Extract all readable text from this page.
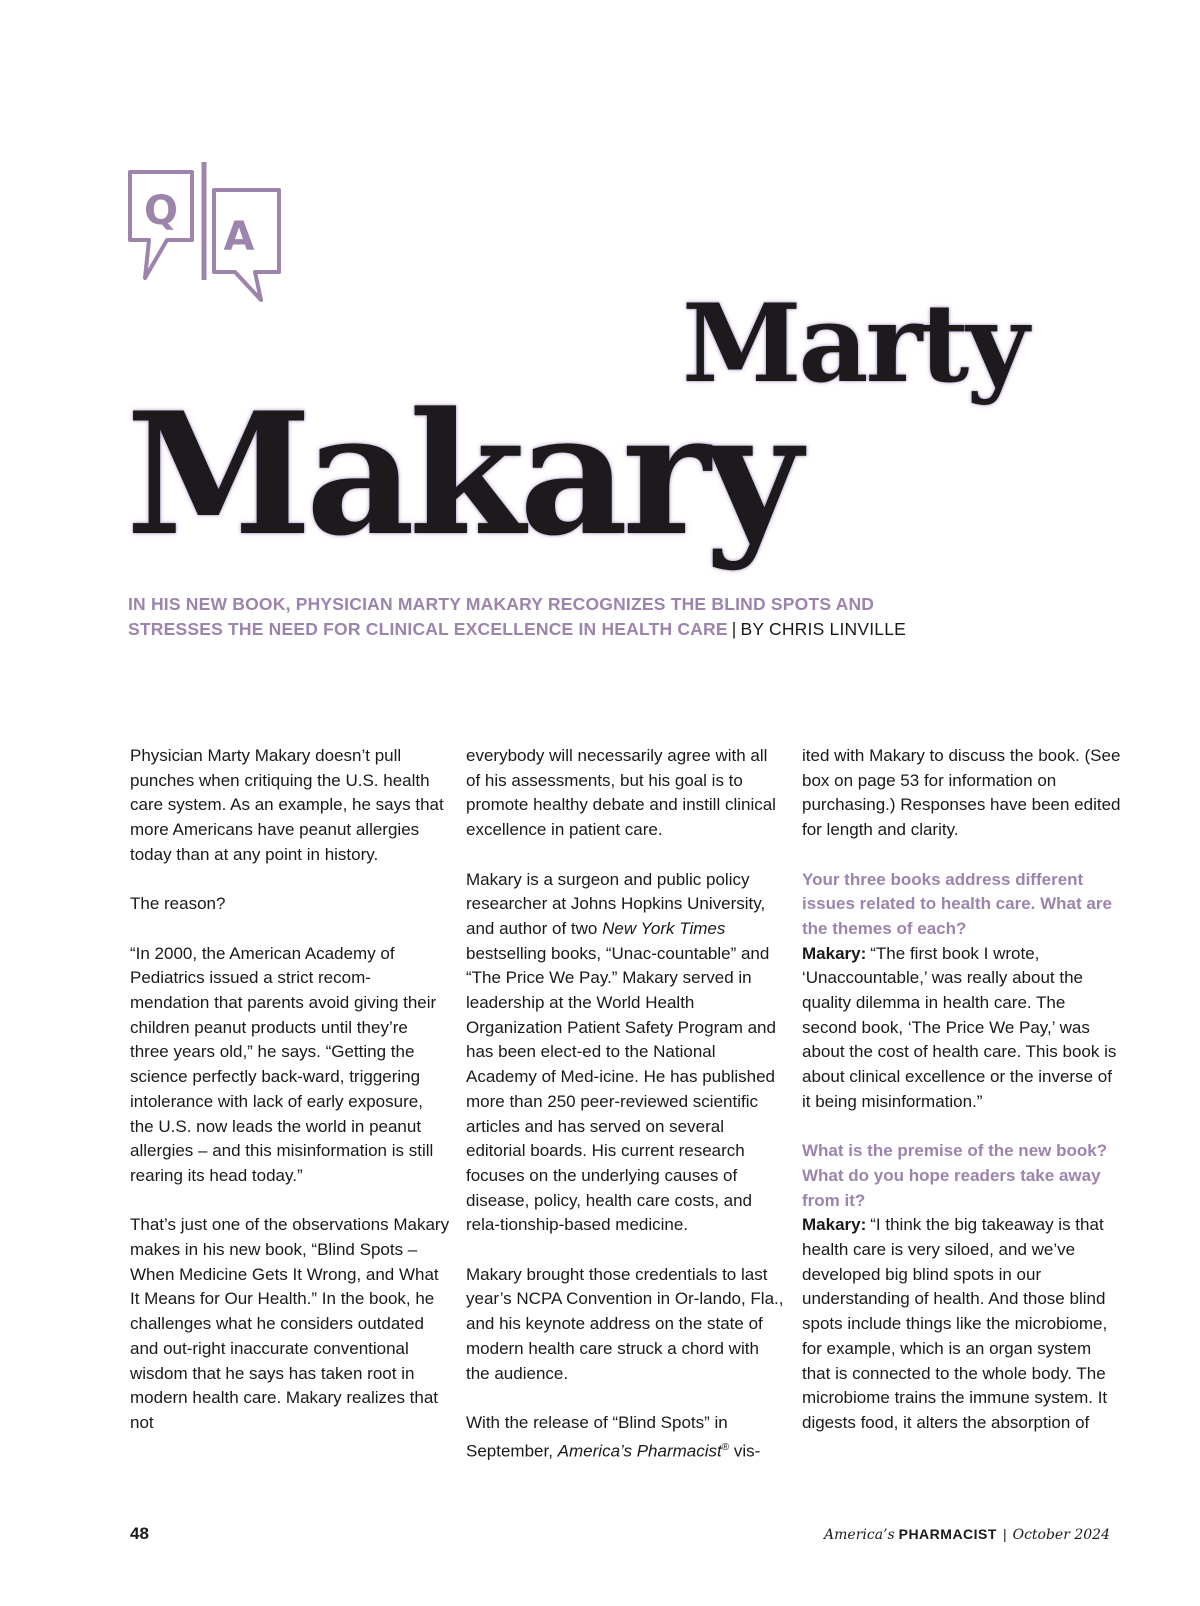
Q
A
Marty
Makary
IN HIS NEW BOOK, PHYSICIAN MARTY MAKARY RECOGNIZES THE BLIND SPOTS AND
STRESSES THE NEED FOR CLINICAL EXCELLENCE IN HEALTH CARE | BY CHRIS LINVILLE

Physician Marty Makary doesn’t pull punches when critiquing the U.S. health care system. As an example, he says that more Americans have peanut allergies today than at any point in history.

The reason?

“In 2000, the American Academy of Pediatrics issued a strict recom-mendation that parents avoid giving their children peanut products until they’re three years old,” he says. “Getting the science perfectly back-ward, triggering intolerance with lack of early exposure, the U.S. now leads the world in peanut allergies – and this misinformation is still rearing its head today.”

That’s just one of the observations Makary makes in his new book, “Blind Spots – When Medicine Gets It Wrong, and What It Means for Our Health.” In the book, he challenges what he considers outdated and out-right inaccurate conventional wisdom that he says has taken root in modern health care. Makary realizes that not

everybody will necessarily agree with all of his assessments, but his goal is to promote healthy debate and instill clinical excellence in patient care.

Makary is a surgeon and public policy researcher at Johns Hopkins University, and author of two New York Times bestselling books, “Unac-countable” and “The Price We Pay.” Makary served in leadership at the World Health Organization Patient Safety Program and has been elect-ed to the National Academy of Med-icine. He has published more than 250 peer-reviewed scientific articles and has served on several editorial boards. His current research focuses on the underlying causes of disease, policy, health care costs, and rela-tionship-based medicine.

Makary brought those credentials to last year’s NCPA Convention in Or-lando, Fla., and his keynote address on the state of modern health care struck a chord with the audience.

With the release of “Blind Spots” in September, America’s Pharmacist® vis-

ited with Makary to discuss the book. (See box on page 53 for information on purchasing.) Responses have been edited for length and clarity.

Your three books address different issues related to health care. What are the themes of each?
Makary: “The first book I wrote, ‘Unaccountable,’ was really about the quality dilemma in health care. The second book, ‘The Price We Pay,’ was about the cost of health care. This book is about clinical excellence or the inverse of it being misinformation.”
What is the premise of the new book? What do you hope readers take away from it?
Makary: “I think the big takeaway is that health care is very siloed, and we’ve developed big blind spots in our understanding of health. And those blind spots include things like the microbiome, for example, which is an organ system that is connected to the whole body. The microbiome trains the immune system. It digests food, it alters the absorption of
48	America’s PHARMACIST | October 2024
